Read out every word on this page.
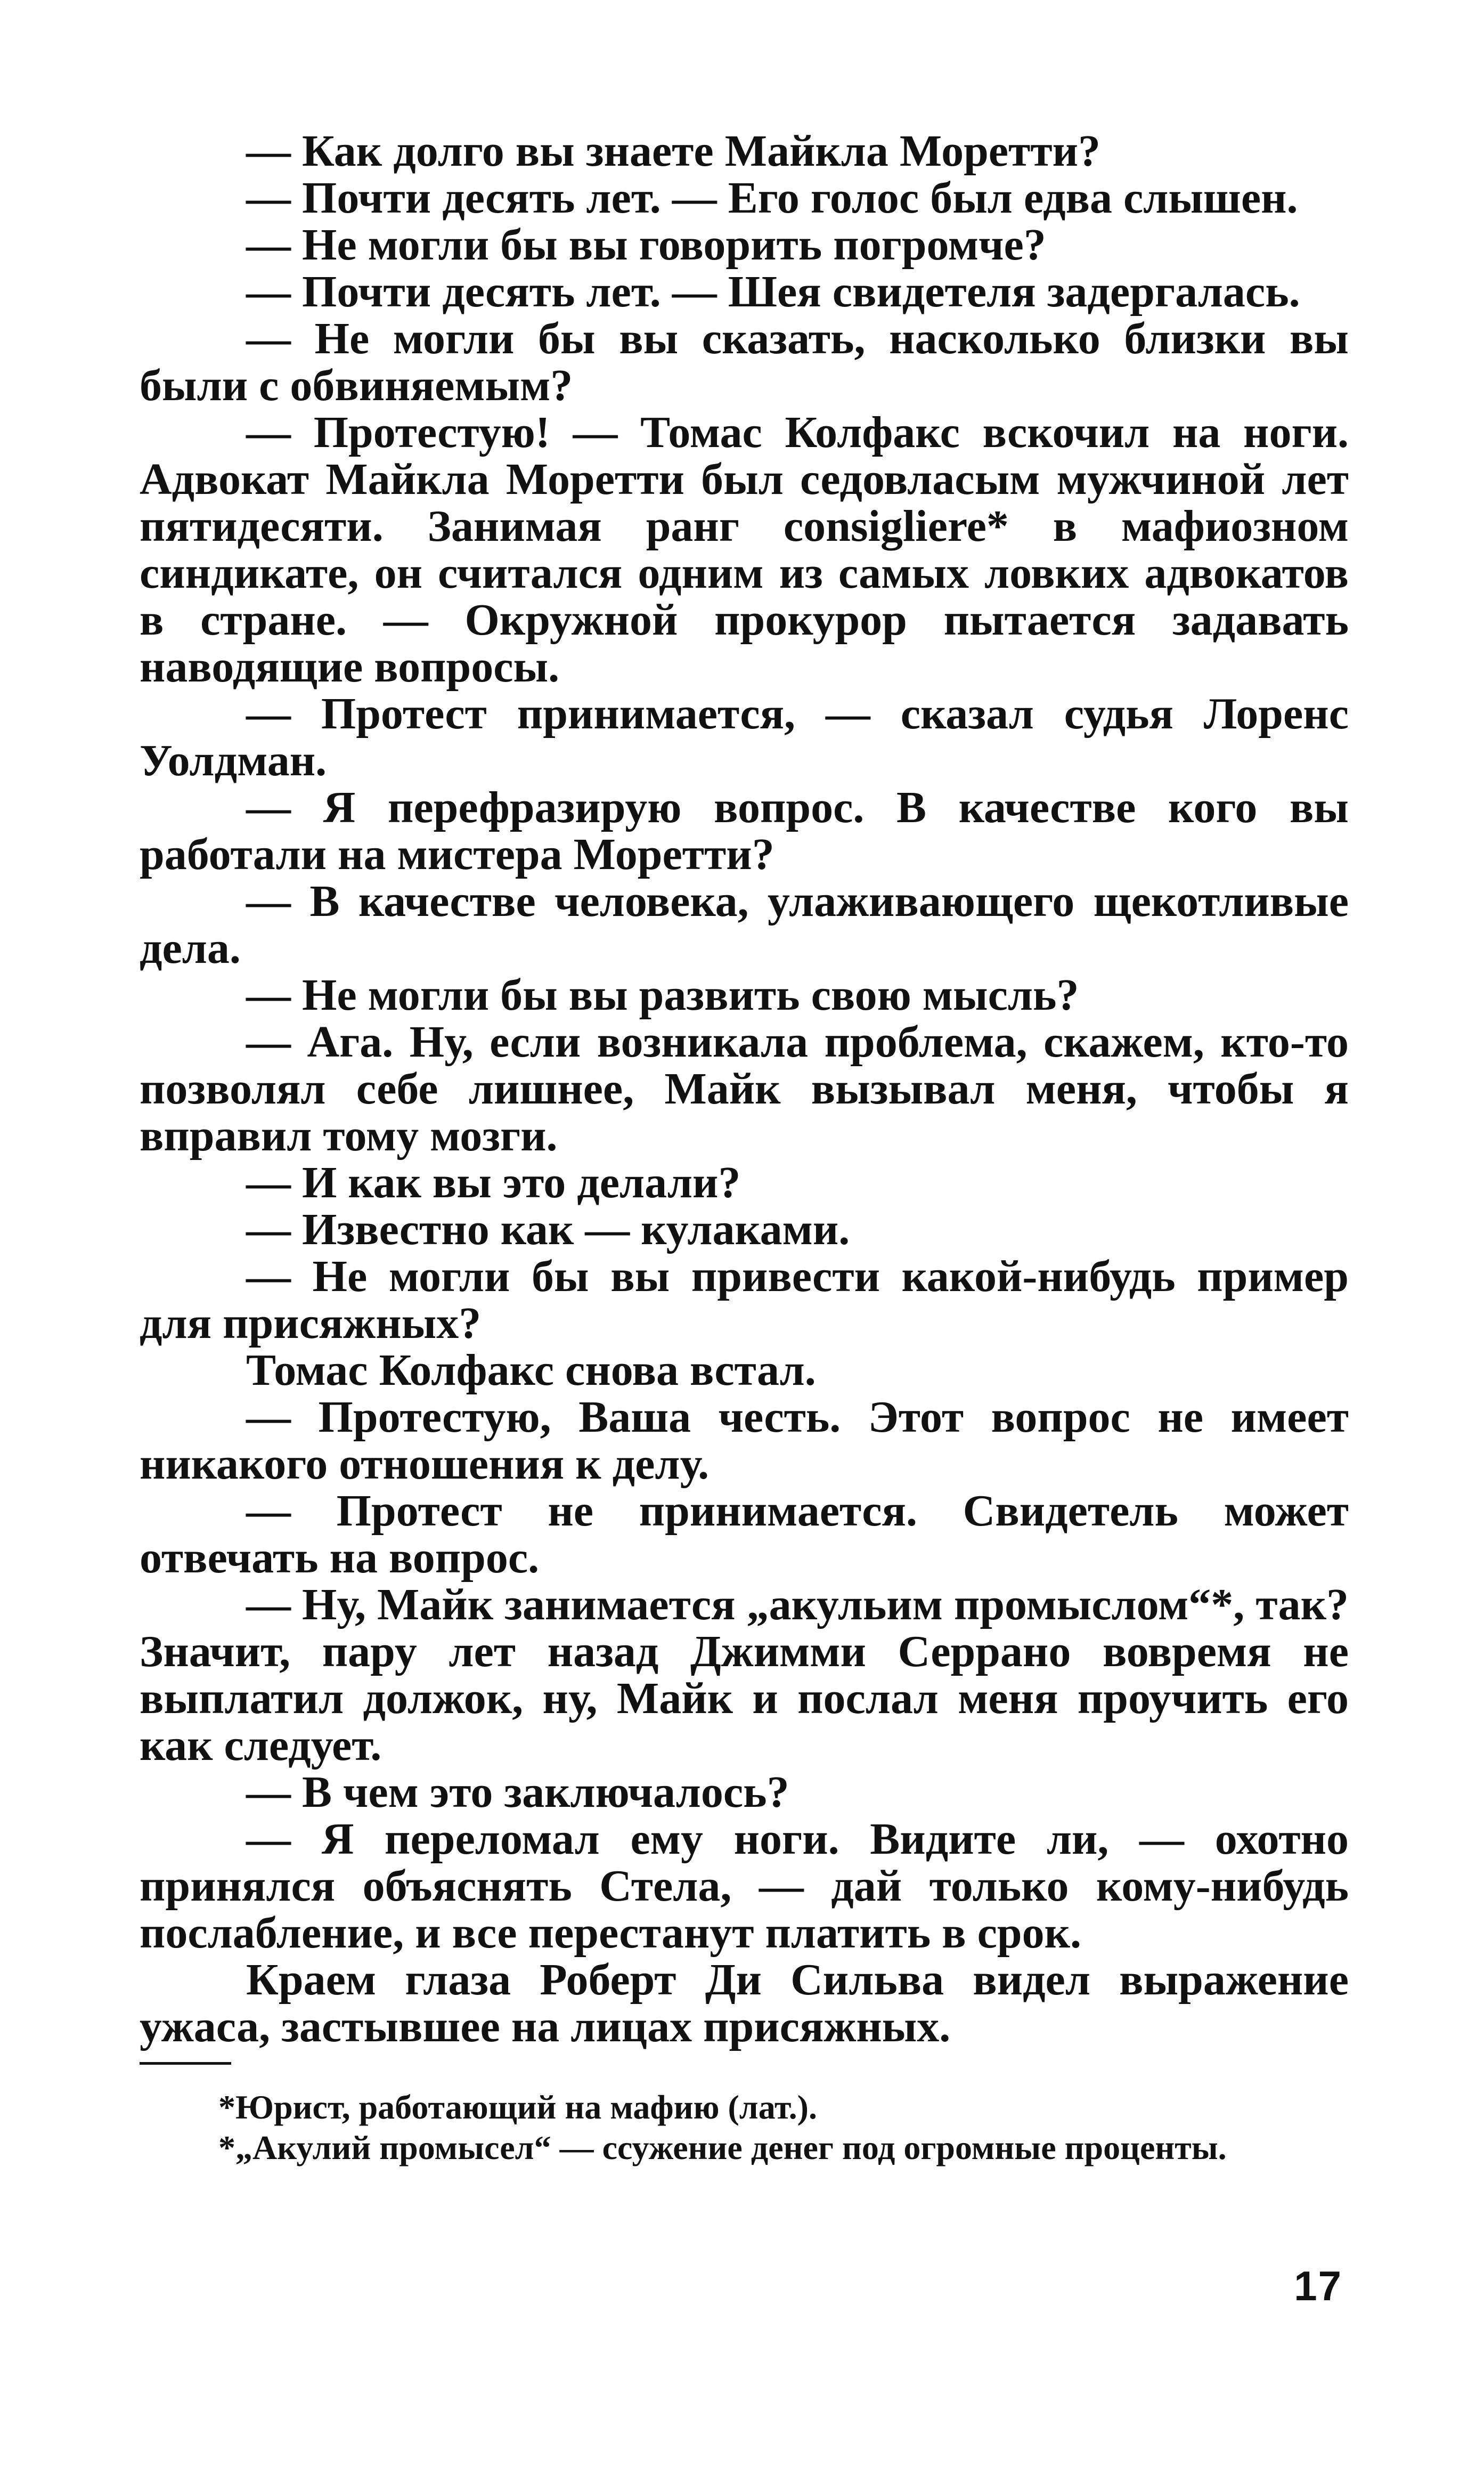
— Как долго вы знаете Майкла Моретти?

— Почти десять лет. — Его голос был едва слышен.

— Не могли бы вы говорить погромче?

— Почти десять лет. — Шея свидетеля задергалась.

— Не могли бы вы сказать, насколько близки вы были с обвиняемым?

— Протестую! — Томас Колфакс вскочил на ноги. Адвокат Майкла Моретти был седовласым мужчиной лет пятидесяти. Занимая ранг consigliere* в мафиозном синдикате, он считался одним из самых ловких адвокатов в стране. — Окружной прокурор пытается задавать наводящие вопросы.

— Протест принимается, — сказал судья Лоренс Уолдман.

— Я перефразирую вопрос. В качестве кого вы работали на мистера Моретти?

— В качестве человека, улаживающего щекотливые дела.

— Не могли бы вы развить свою мысль?

— Ага. Ну, если возникала проблема, скажем, кто-то позволял себе лишнее, Майк вызывал меня, чтобы я вправил тому мозги.

— И как вы это делали?

— Известно как — кулаками.

— Не могли бы вы привести какой-нибудь пример для присяжных?

Томас Колфакс снова встал.

— Протестую, Ваша честь. Этот вопрос не имеет никакого отношения к делу.

— Протест не принимается. Свидетель может отвечать на вопрос.

— Ну, Майк занимается „акульим промыслом“*, так? Значит, пару лет назад Джимми Серрано вовремя не выплатил должок, ну, Майк и послал меня проучить его как следует.

— В чем это заключалось?

— Я переломал ему ноги. Видите ли, — охотно принялся объяснять Стела, — дай только кому-нибудь послабление, и все перестанут платить в срок.

Краем глаза Роберт Ди Сильва видел выражение ужаса, застывшее на лицах присяжных.

*Юрист, работающий на мафию (лат.).

*„Акулий промысел“ — ссужение денег под огромные проценты.

17
